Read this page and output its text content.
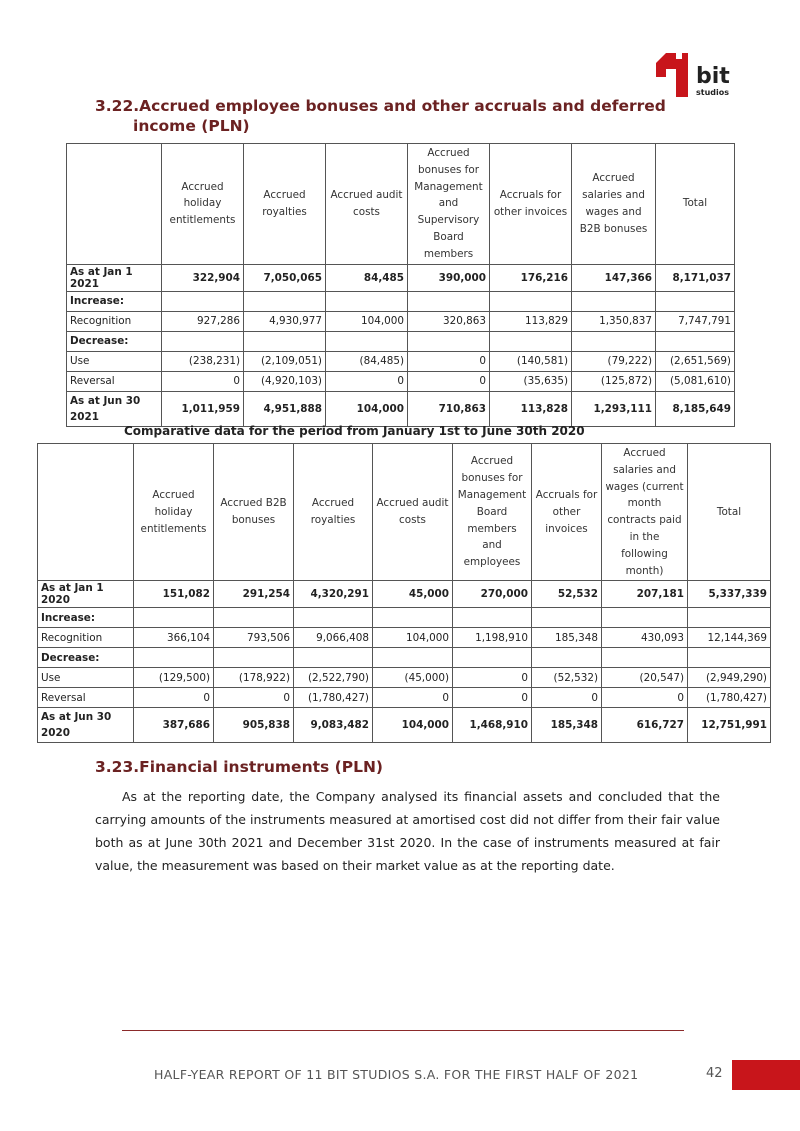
bit
studios
3.22.Accrued employee bonuses and other accruals and deferred
income (PLN)
	Accrued holiday entitlements	Accrued royalties	Accrued audit costs	Accrued bonuses for Management and Supervisory Board members	Accruals for other invoices	Accrued salaries and wages and B2B bonuses	Total
As at Jan 1 2021	322,904	7,050,065	84,485	390,000	176,216	147,366	8,171,037
Increase:							
Recognition	927,286	4,930,977	104,000	320,863	113,829	1,350,837	7,747,791
Decrease:							
Use	(238,231)	(2,109,051)	(84,485)	0	(140,581)	(79,222)	(2,651,569)
Reversal	0	(4,920,103)	0	0	(35,635)	(125,872)	(5,081,610)
As at Jun 30 2021	1,011,959	4,951,888	104,000	710,863	113,828	1,293,111	8,185,649

Comparative data for the period from January 1st to June 30th 2020

	Accrued holiday entitlements	Accrued B2B bonuses	Accrued royalties	Accrued audit costs	Accrued bonuses for Management Board members and employees	Accruals for other invoices	Accrued salaries and wages (current month contracts paid in the following month)	Total
As at Jan 1 2020	151,082	291,254	4,320,291	45,000	270,000	52,532	207,181	5,337,339
Increase:								
Recognition	366,104	793,506	9,066,408	104,000	1,198,910	185,348	430,093	12,144,369
Decrease:								
Use	(129,500)	(178,922)	(2,522,790)	(45,000)	0	(52,532)	(20,547)	(2,949,290)
Reversal	0	0	(1,780,427)	0	0	0	0	(1,780,427)
As at Jun 30 2020	387,686	905,838	9,083,482	104,000	1,468,910	185,348	616,727	12,751,991
3.23.Financial instruments (PLN)

As at the reporting date, the Company analysed its financial assets and concluded that the carrying amounts of the instruments measured at amortised cost did not differ from their fair value both as at June 30th 2021 and December 31st 2020. In the case of instruments measured at fair value, the measurement was based on their market value as at the reporting date.

HALF-YEAR REPORT OF 11 BIT STUDIOS S.A. FOR THE FIRST HALF OF 2021	42
